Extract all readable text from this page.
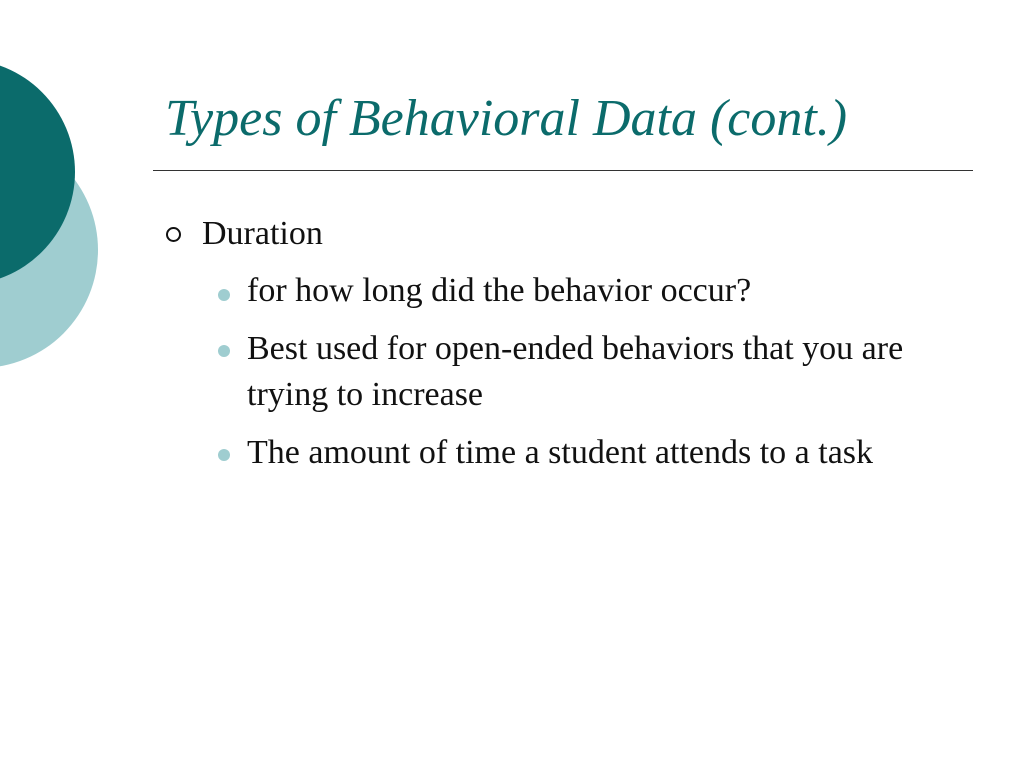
Types of Behavioral Data (cont.)
Duration
for how long did the behavior occur?
Best used for open-ended behaviors that you are trying to increase
The amount of time a student attends to a task
